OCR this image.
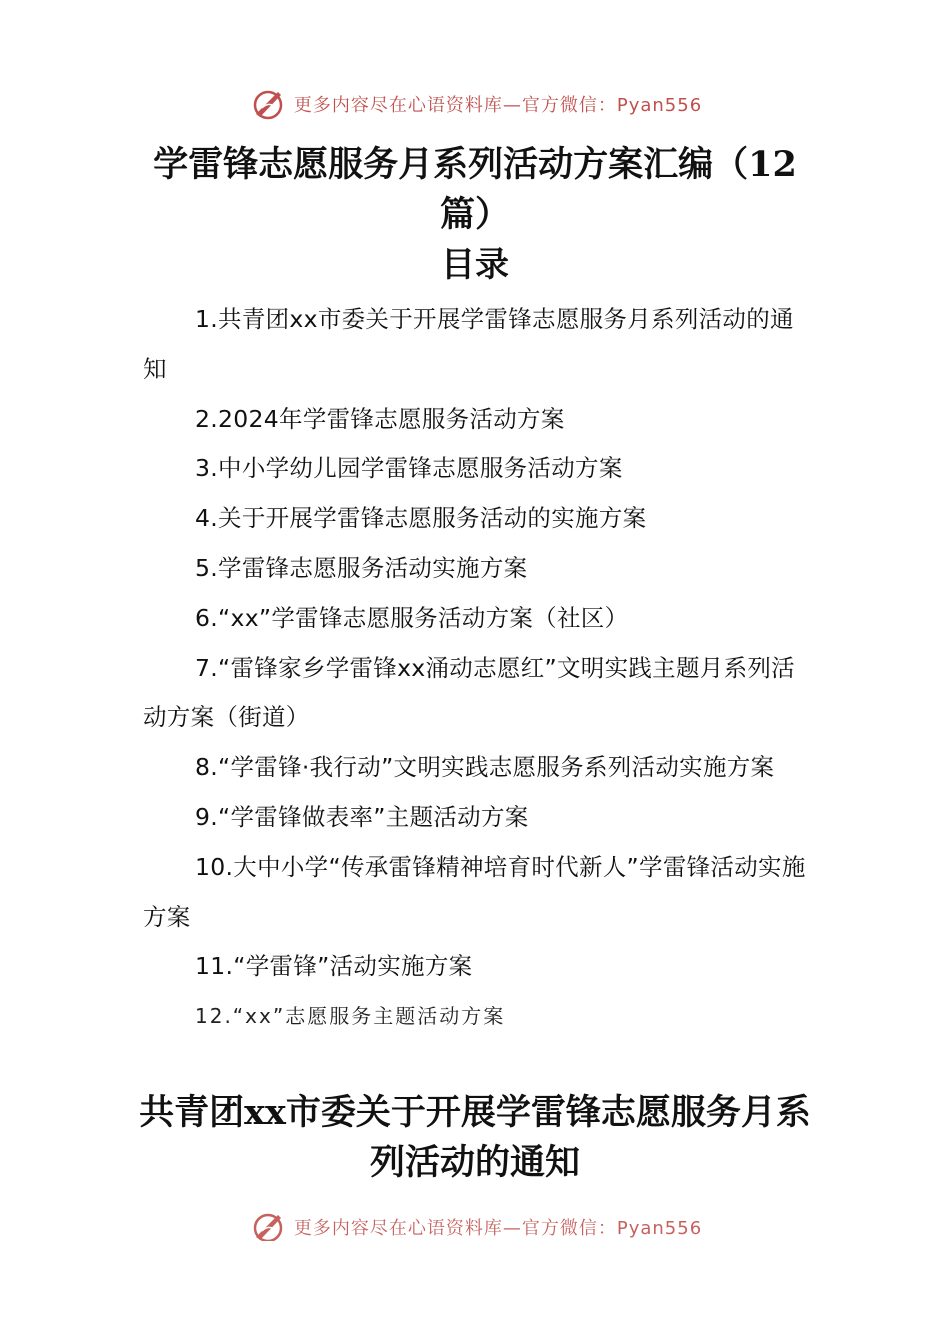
更多内容尽在心语资料库—官方微信：Pyan556
学雷锋志愿服务月系列活动方案汇编（12篇）
目录

1.共青团xx市委关于开展学雷锋志愿服务月系列活动的通知

2.2024年学雷锋志愿服务活动方案

3.中小学幼儿园学雷锋志愿服务活动方案

4.关于开展学雷锋志愿服务活动的实施方案

5.学雷锋志愿服务活动实施方案

6.“xx”学雷锋志愿服务活动方案（社区）

7.“雷锋家乡学雷锋xx涌动志愿红”文明实践主题月系列活动方案（街道）

8.“学雷锋·我行动”文明实践志愿服务系列活动实施方案

9.“学雷锋做表率”主题活动方案

10.大中小学“传承雷锋精神培育时代新人”学雷锋活动实施方案

11.“学雷锋”活动实施方案

12.“xx”志愿服务主题活动方案

共青团xx市委关于开展学雷锋志愿服务月系列活动的通知
更多内容尽在心语资料库—官方微信：Pyan556
